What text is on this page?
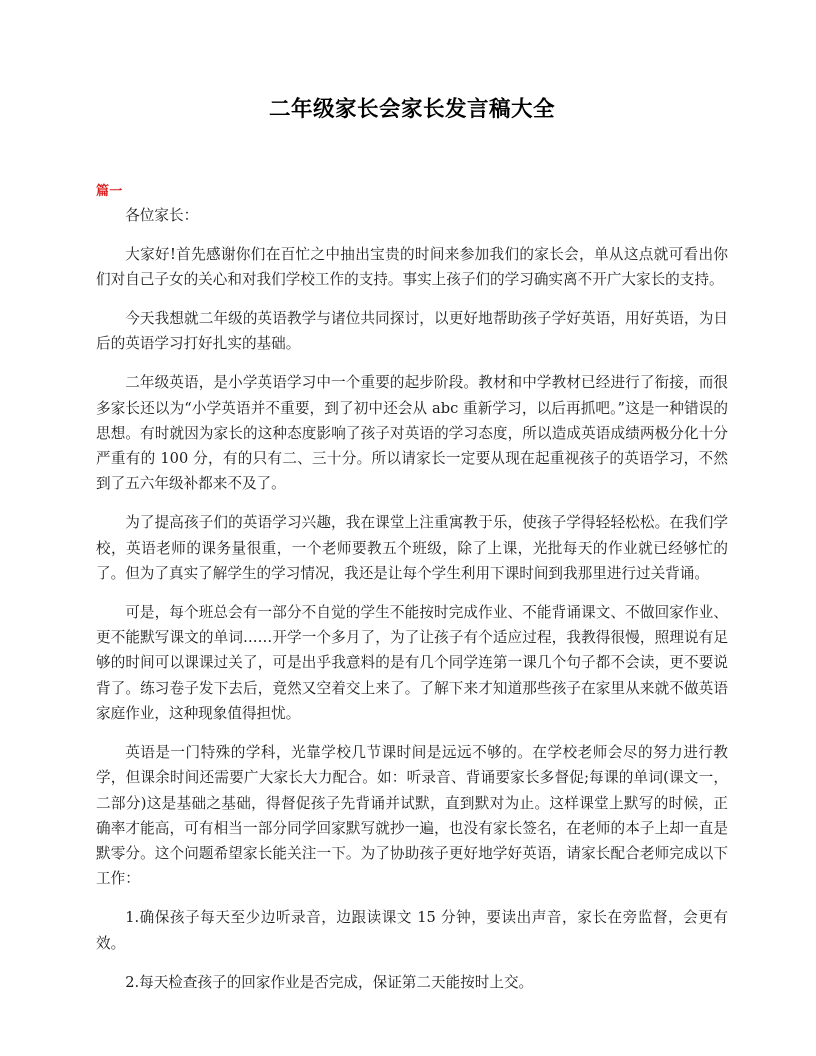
二年级家长会家长发言稿大全
篇一

各位家长：

大家好!首先感谢你们在百忙之中抽出宝贵的时间来参加我们的家长会，单从这点就可看出你们对自己子女的关心和对我们学校工作的支持。事实上孩子们的学习确实离不开广大家长的支持。

今天我想就二年级的英语教学与诸位共同探讨，以更好地帮助孩子学好英语，用好英语，为日后的英语学习打好扎实的基础。

二年级英语，是小学英语学习中一个重要的起步阶段。教材和中学教材已经进行了衔接，而很多家长还以为“小学英语并不重要，到了初中还会从 abc 重新学习，以后再抓吧。”这是一种错误的思想。有时就因为家长的这种态度影响了孩子对英语的学习态度，所以造成英语成绩两极分化十分严重有的 100 分，有的只有二、三十分。所以请家长一定要从现在起重视孩子的英语学习，不然到了五六年级补都来不及了。

为了提高孩子们的英语学习兴趣，我在课堂上注重寓教于乐，使孩子学得轻轻松松。在我们学校，英语老师的课务量很重，一个老师要教五个班级，除了上课，光批每天的作业就已经够忙的了。但为了真实了解学生的学习情况，我还是让每个学生利用下课时间到我那里进行过关背诵。

可是，每个班总会有一部分不自觉的学生不能按时完成作业、不能背诵课文、不做回家作业、更不能默写课文的单词……开学一个多月了，为了让孩子有个适应过程，我教得很慢，照理说有足够的时间可以课课过关了，可是出乎我意料的是有几个同学连第一课几个句子都不会读，更不要说背了。练习卷子发下去后，竟然又空着交上来了。了解下来才知道那些孩子在家里从来就不做英语家庭作业，这种现象值得担忧。

英语是一门特殊的学科，光靠学校几节课时间是远远不够的。在学校老师会尽的努力进行教学，但课余时间还需要广大家长大力配合。如：听录音、背诵要家长多督促;每课的单词(课文一，二部分)这是基础之基础，得督促孩子先背诵并试默，直到默对为止。这样课堂上默写的时候，正确率才能高，可有相当一部分同学回家默写就抄一遍，也没有家长签名，在老师的本子上却一直是默零分。这个问题希望家长能关注一下。为了协助孩子更好地学好英语，请家长配合老师完成以下工作：

1.确保孩子每天至少边听录音，边跟读课文 15 分钟，要读出声音，家长在旁监督，会更有效。

2.每天检查孩子的回家作业是否完成，保证第二天能按时上交。
